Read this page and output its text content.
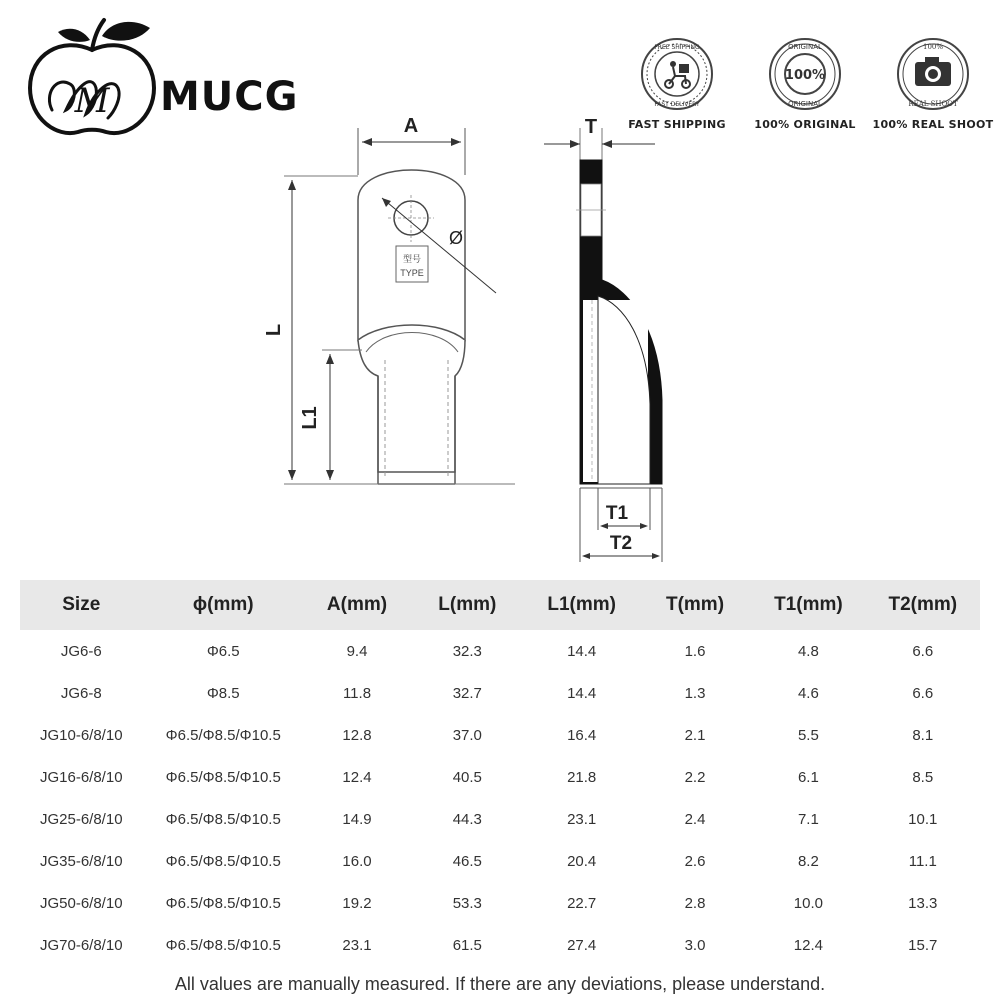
M MUCG
FREE SHIPPING
FAST DELIVERY
FAST SHIPPING
ORIGINAL
ORIGINAL
100%
100% ORIGINAL
100%
REAL SHOOT
100% REAL SHOOT
A
Ø
型号
TYPE
L
L1
T
T1
T2
Size	ϕ(mm)	A(mm)	L(mm)	L1(mm)	T(mm)	T1(mm)	T2(mm)
JG6-6	Φ6.5	9.4	32.3	14.4	1.6	4.8	6.6
JG6-8	Φ8.5	11.8	32.7	14.4	1.3	4.6	6.6
JG10-6/8/10	Φ6.5/Φ8.5/Φ10.5	12.8	37.0	16.4	2.1	5.5	8.1
JG16-6/8/10	Φ6.5/Φ8.5/Φ10.5	12.4	40.5	21.8	2.2	6.1	8.5
JG25-6/8/10	Φ6.5/Φ8.5/Φ10.5	14.9	44.3	23.1	2.4	7.1	10.1
JG35-6/8/10	Φ6.5/Φ8.5/Φ10.5	16.0	46.5	20.4	2.6	8.2	11.1
JG50-6/8/10	Φ6.5/Φ8.5/Φ10.5	19.2	53.3	22.7	2.8	10.0	13.3
JG70-6/8/10	Φ6.5/Φ8.5/Φ10.5	23.1	61.5	27.4	3.0	12.4	15.7
All values are manually measured. If there are any deviations, please understand.
